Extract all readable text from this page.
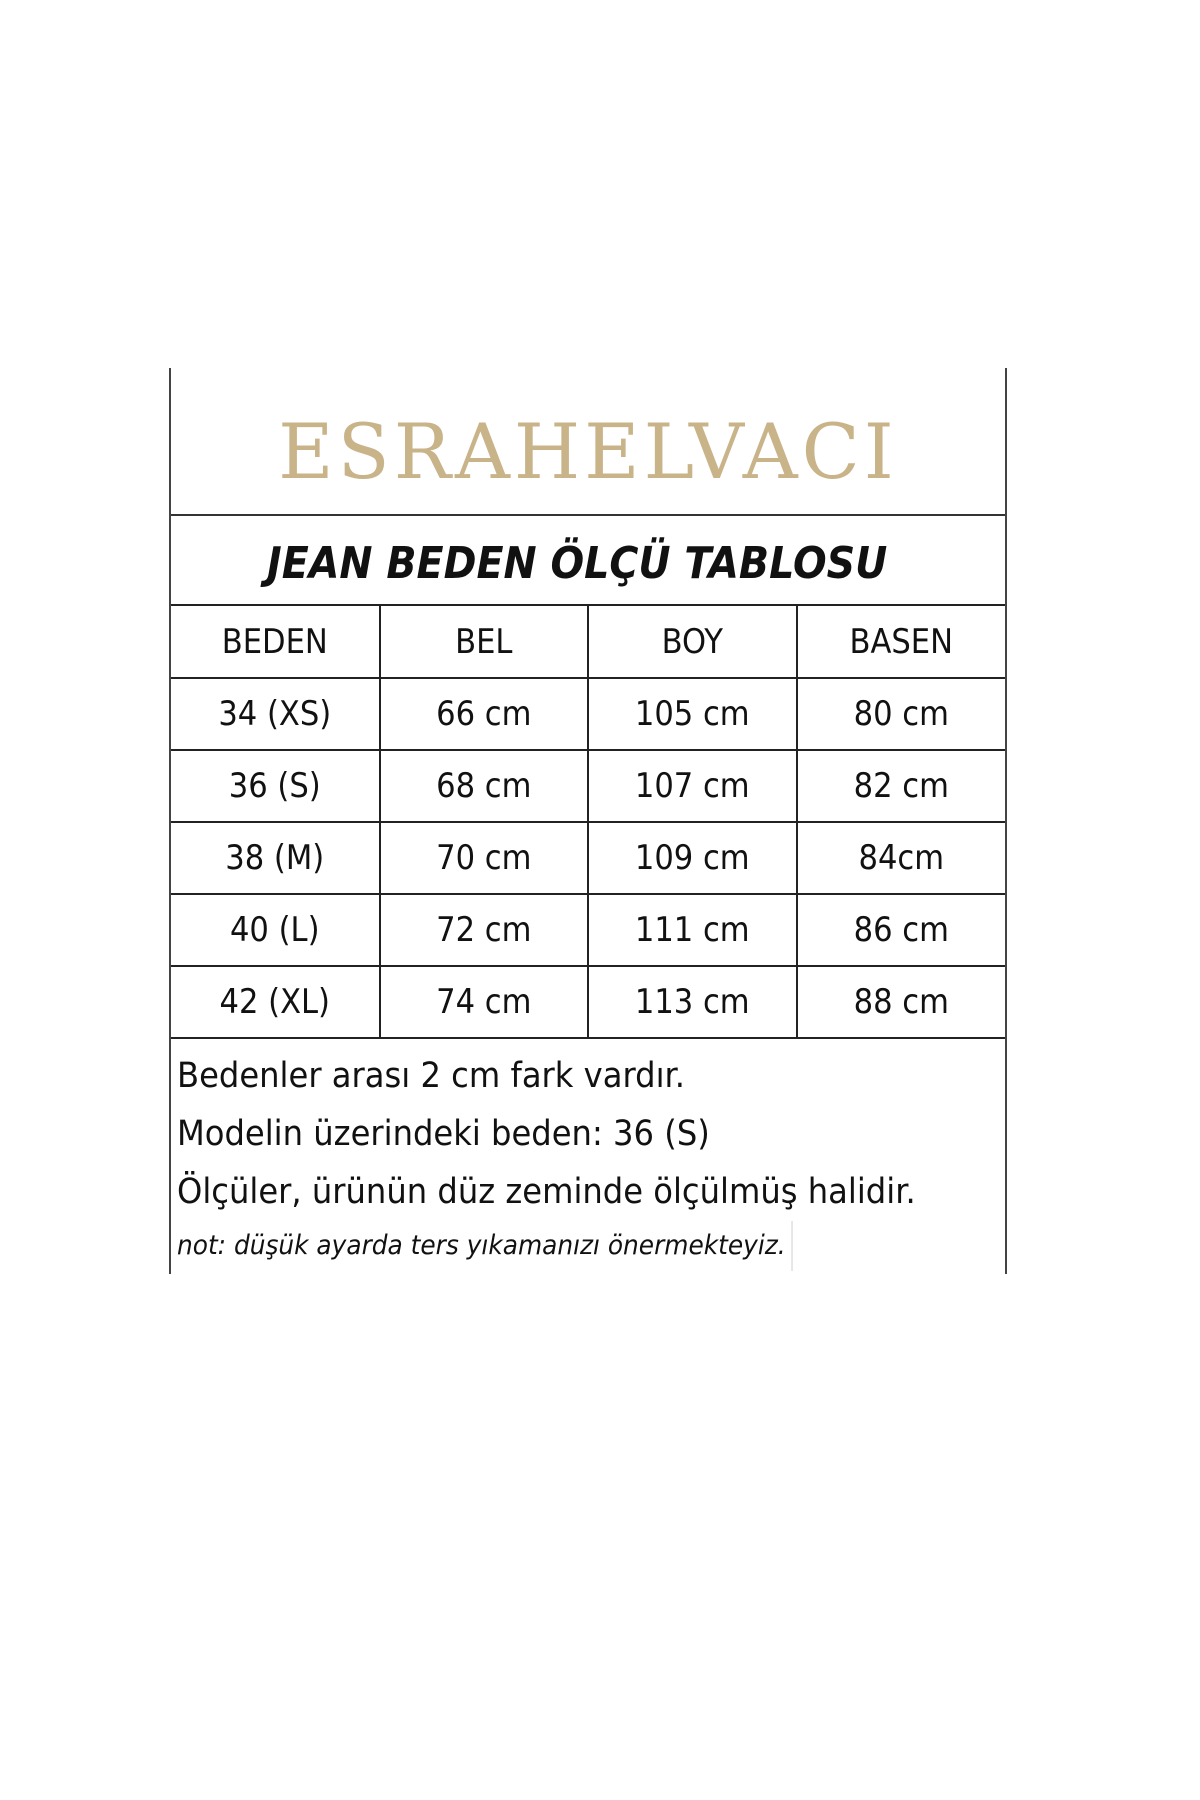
ESRAHELVACI
JEAN BEDEN ÖLÇÜ TABLOSU
BEDEN	BEL	BOY	BASEN
34 (XS)	66 cm	105 cm	80 cm
36 (S)	68 cm	107 cm	82 cm
38 (M)	70 cm	109 cm	84cm
40 (L)	72 cm	111 cm	86 cm
42 (XL)	74 cm	113 cm	88 cm
Bedenler arası 2 cm fark vardır.
Modelin üzerindeki beden: 36 (S)
Ölçüler, ürünün düz zeminde ölçülmüş halidir.
not: düşük ayarda ters yıkamanızı önermekteyiz.
